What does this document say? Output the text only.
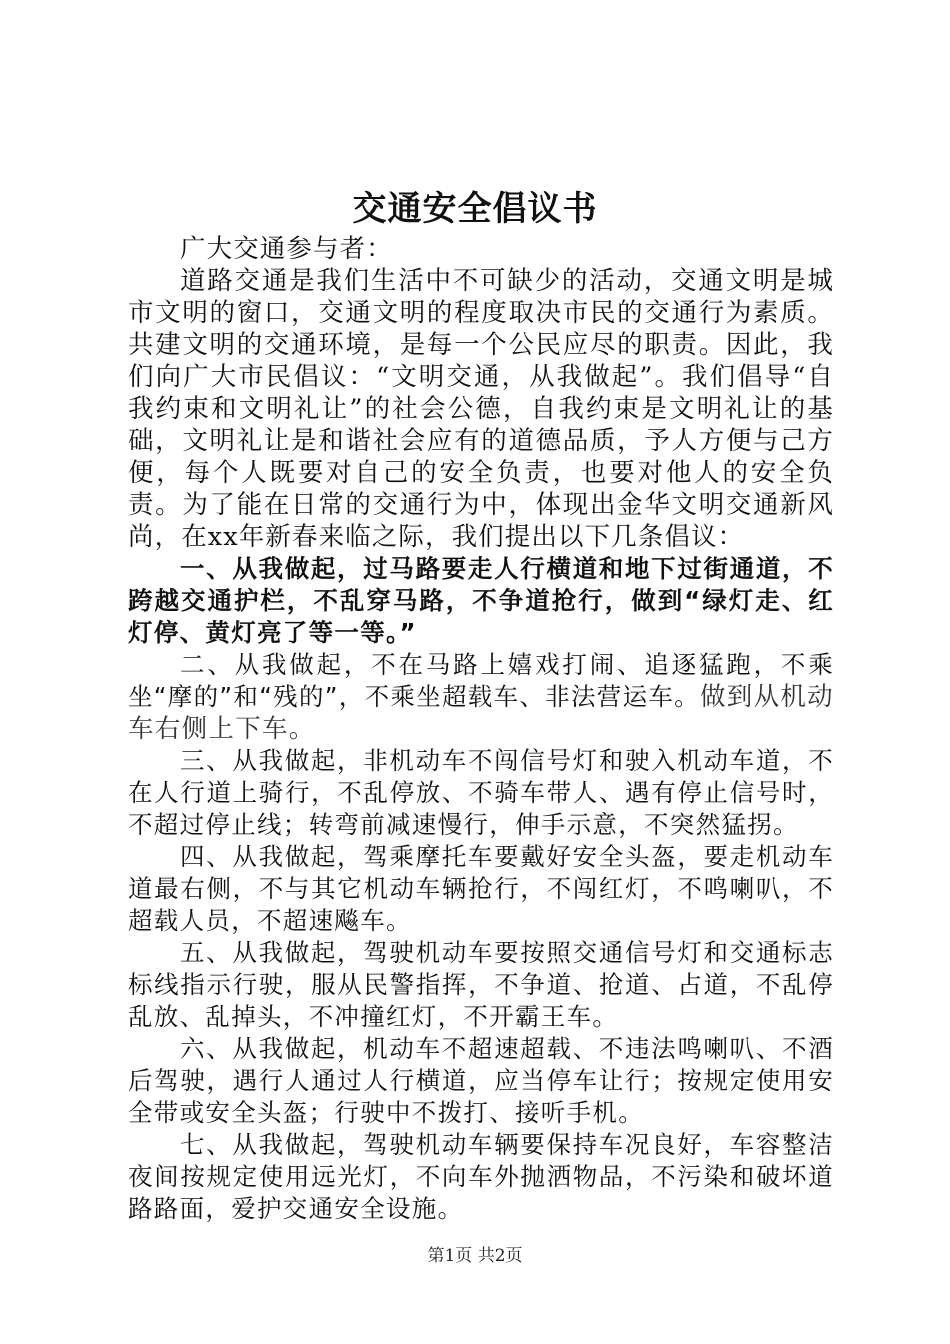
交通安全倡议书

广大交通参与者：

道路交通是我们生活中不可缺少的活动，交通文明是城市文明的窗口，交通文明的程度取决市民的交通行为素质。共建文明的交通环境，是每一个公民应尽的职责。因此，我们向广大市民倡议：“文明交通，从我做起”。我们倡导“自我约束和文明礼让”的社会公德，自我约束是文明礼让的基础，文明礼让是和谐社会应有的道德品质，予人方便与己方便，每个人既要对自己的安全负责，也要对他人的安全负责。为了能在日常的交通行为中，体现出金华文明交通新风尚，在xx年新春来临之际，我们提出以下几条倡议：

一、从我做起，过马路要走人行横道和地下过街通道，不跨越交通护栏，不乱穿马路，不争道抢行，做到“绿灯走、红灯停、黄灯亮了等一等。”

二、从我做起，不在马路上嬉戏打闹、追逐猛跑，不乘坐“摩的”和“残的”，不乘坐超载车、非法营运车。做到从机动车右侧上下车。

三、从我做起，非机动车不闯信号灯和驶入机动车道，不在人行道上骑行，不乱停放、不骑车带人、遇有停止信号时，不超过停止线；转弯前减速慢行，伸手示意，不突然猛拐。

四、从我做起，驾乘摩托车要戴好安全头盔，要走机动车道最右侧，不与其它机动车辆抢行，不闯红灯，不鸣喇叭，不超载人员，不超速飚车。

五、从我做起，驾驶机动车要按照交通信号灯和交通标志标线指示行驶，服从民警指挥，不争道、抢道、占道，不乱停乱放、乱掉头，不冲撞红灯，不开霸王车。

六、从我做起，机动车不超速超载、不违法鸣喇叭、不酒后驾驶，遇行人通过人行横道，应当停车让行；按规定使用安全带或安全头盔；行驶中不拨打、接听手机。

七、从我做起，驾驶机动车辆要保持车况良好，车容整洁夜间按规定使用远光灯，不向车外抛洒物品，不污染和破坏道路路面，爱护交通安全设施。

第1页 共2页
